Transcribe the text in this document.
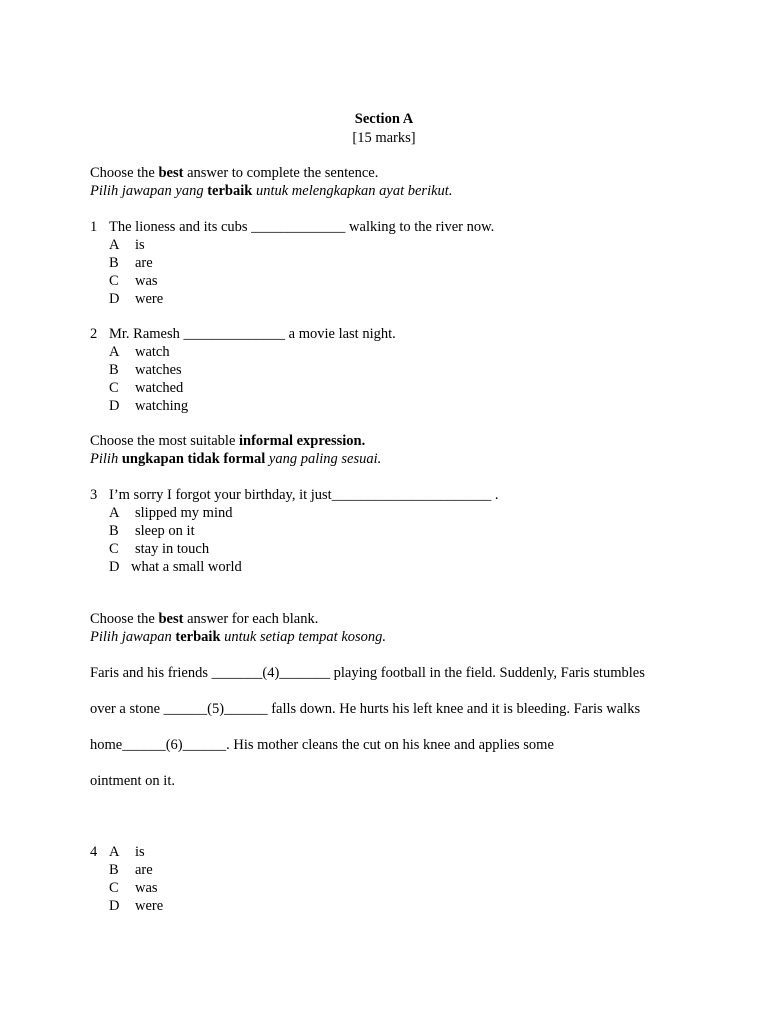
Section A
[15 marks]
Choose the best answer to complete the sentence.
Pilih jawapan yang terbaik untuk melengkapkan ayat berikut.
1 The lioness and its cubs _____________ walking to the river now.
A is
B are
C was
D were
2 Mr. Ramesh ______________ a movie last night.
A watch
B watches
C watched
D watching
Choose the most suitable informal expression.
Pilih ungkapan tidak formal yang paling sesuai.
3 I’m sorry I forgot your birthday, it just______________________ .
A slipped my mind
B sleep on it
C stay in touch
D what a small world
Choose the best answer for each blank.
Pilih jawapan terbaik untuk setiap tempat kosong.
Faris and his friends _______(4)_______ playing football in the field. Suddenly, Faris stumbles
over a stone ______(5)______ falls down. He hurts his left knee and it is bleeding. Faris walks
home______(6)______. His mother cleans the cut on his knee and applies some
ointment on it.
4 A is
B are
C was
D were
